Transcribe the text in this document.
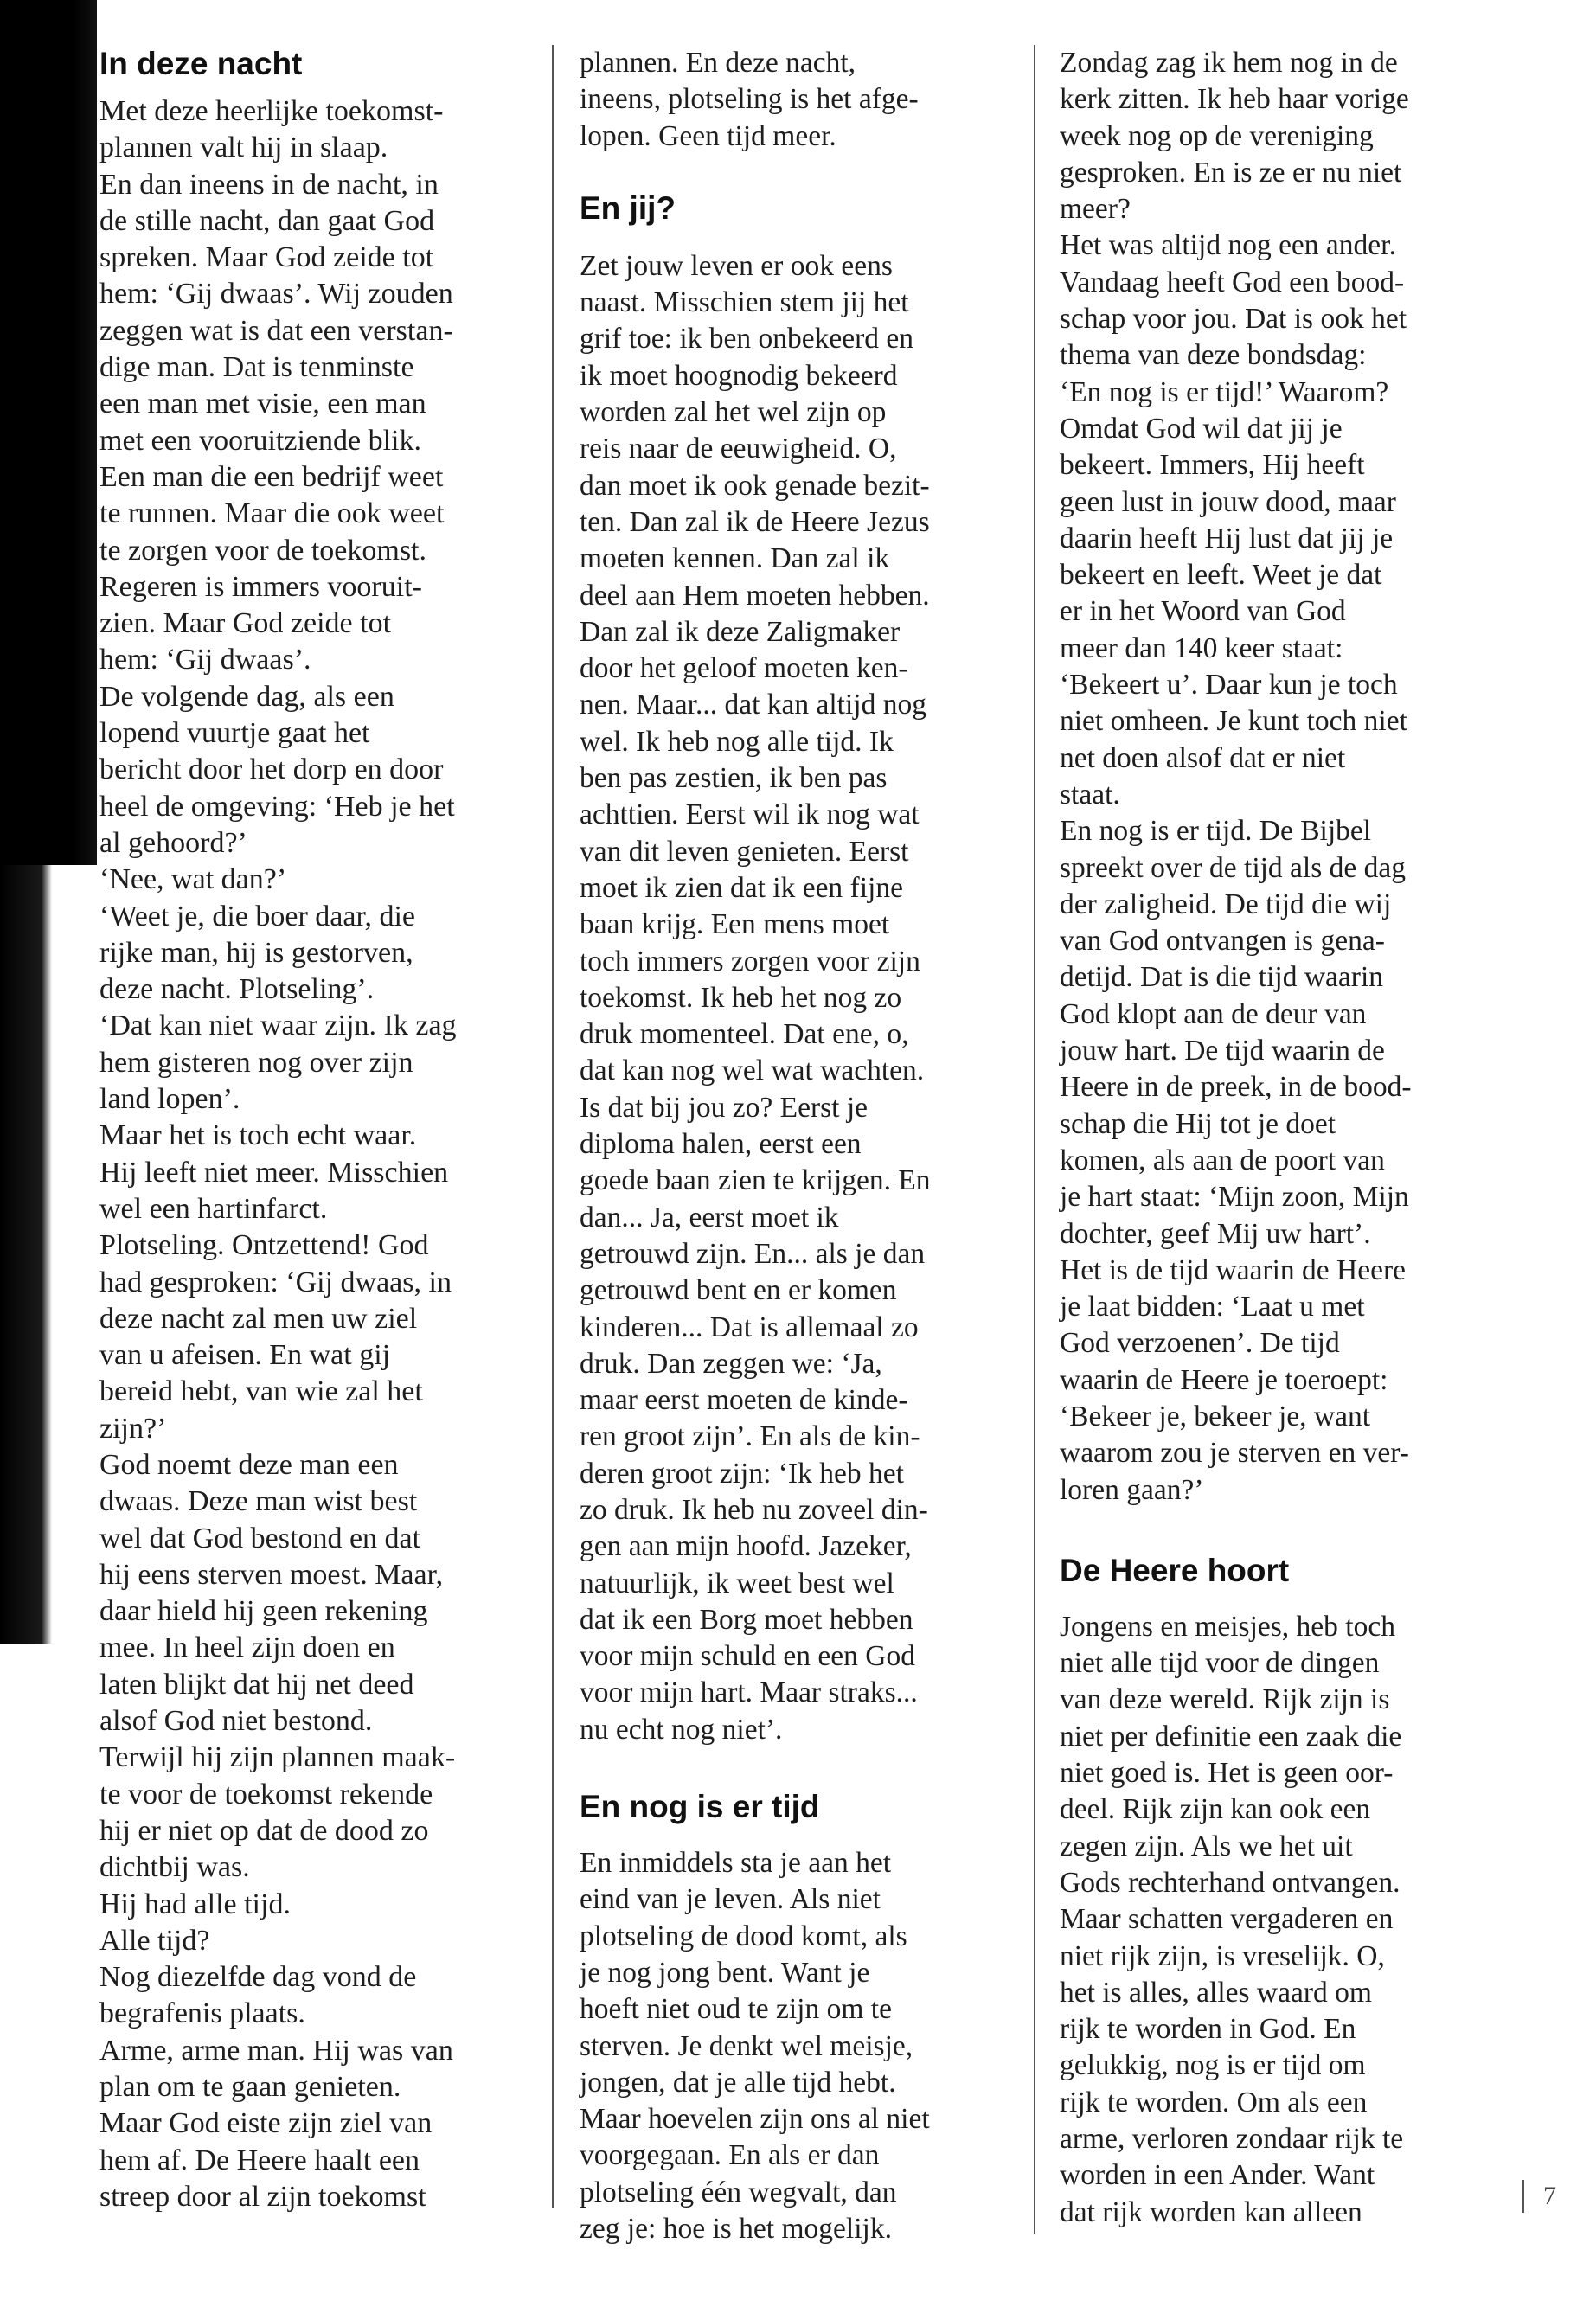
In deze nacht
Met deze heerlijke toekomst-
plannen valt hij in slaap.
En dan ineens in de nacht, in
de stille nacht, dan gaat God
spreken. Maar God zeide tot
hem: ‘Gij dwaas’. Wij zouden
zeggen wat is dat een verstan-
dige man. Dat is tenminste
een man met visie, een man
met een vooruitziende blik.
Een man die een bedrijf weet
te runnen. Maar die ook weet
te zorgen voor de toekomst.
Regeren is immers vooruit-
zien. Maar God zeide tot
hem: ‘Gij dwaas’.
De volgende dag, als een
lopend vuurtje gaat het
bericht door het dorp en door
heel de omgeving: ‘Heb je het
al gehoord?’
‘Nee, wat dan?’
‘Weet je, die boer daar, die
rijke man, hij is gestorven,
deze nacht. Plotseling’.
‘Dat kan niet waar zijn. Ik zag
hem gisteren nog over zijn
land lopen’.
Maar het is toch echt waar.
Hij leeft niet meer. Misschien
wel een hartinfarct.
Plotseling. Ontzettend! God
had gesproken: ‘Gij dwaas, in
deze nacht zal men uw ziel
van u afeisen. En wat gij
bereid hebt, van wie zal het
zijn?’
God noemt deze man een
dwaas. Deze man wist best
wel dat God bestond en dat
hij eens sterven moest. Maar,
daar hield hij geen rekening
mee. In heel zijn doen en
laten blijkt dat hij net deed
alsof God niet bestond.
Terwijl hij zijn plannen maak-
te voor de toekomst rekende
hij er niet op dat de dood zo
dichtbij was.
Hij had alle tijd.
Alle tijd?
Nog diezelfde dag vond de
begrafenis plaats.
Arme, arme man. Hij was van
plan om te gaan genieten.
Maar God eiste zijn ziel van
hem af. De Heere haalt een
streep door al zijn toekomst
plannen. En deze nacht,
ineens, plotseling is het afge-
lopen. Geen tijd meer.
En jij?
Zet jouw leven er ook eens
naast. Misschien stem jij het
grif toe: ik ben onbekeerd en
ik moet hoognodig bekeerd
worden zal het wel zijn op
reis naar de eeuwigheid. O,
dan moet ik ook genade bezit-
ten. Dan zal ik de Heere Jezus
moeten kennen. Dan zal ik
deel aan Hem moeten hebben.
Dan zal ik deze Zaligmaker
door het geloof moeten ken-
nen. Maar... dat kan altijd nog
wel. Ik heb nog alle tijd. Ik
ben pas zestien, ik ben pas
achttien. Eerst wil ik nog wat
van dit leven genieten. Eerst
moet ik zien dat ik een fijne
baan krijg. Een mens moet
toch immers zorgen voor zijn
toekomst. Ik heb het nog zo
druk momenteel. Dat ene, o,
dat kan nog wel wat wachten.
Is dat bij jou zo? Eerst je
diploma halen, eerst een
goede baan zien te krijgen. En
dan... Ja, eerst moet ik
getrouwd zijn. En... als je dan
getrouwd bent en er komen
kinderen... Dat is allemaal zo
druk. Dan zeggen we: ‘Ja,
maar eerst moeten de kinde-
ren groot zijn’. En als de kin-
deren groot zijn: ‘Ik heb het
zo druk. Ik heb nu zoveel din-
gen aan mijn hoofd. Jazeker,
natuurlijk, ik weet best wel
dat ik een Borg moet hebben
voor mijn schuld en een God
voor mijn hart. Maar straks...
nu echt nog niet’.
En nog is er tijd
En inmiddels sta je aan het
eind van je leven. Als niet
plotseling de dood komt, als
je nog jong bent. Want je
hoeft niet oud te zijn om te
sterven. Je denkt wel meisje,
jongen, dat je alle tijd hebt.
Maar hoevelen zijn ons al niet
voorgegaan. En als er dan
plotseling één wegvalt, dan
zeg je: hoe is het mogelijk.
Zondag zag ik hem nog in de
kerk zitten. Ik heb haar vorige
week nog op de vereniging
gesproken. En is ze er nu niet
meer?
Het was altijd nog een ander.
Vandaag heeft God een bood-
schap voor jou. Dat is ook het
thema van deze bondsdag:
‘En nog is er tijd!’ Waarom?
Omdat God wil dat jij je
bekeert. Immers, Hij heeft
geen lust in jouw dood, maar
daarin heeft Hij lust dat jij je
bekeert en leeft. Weet je dat
er in het Woord van God
meer dan 140 keer staat:
‘Bekeert u’. Daar kun je toch
niet omheen. Je kunt toch niet
net doen alsof dat er niet
staat.
En nog is er tijd. De Bijbel
spreekt over de tijd als de dag
der zaligheid. De tijd die wij
van God ontvangen is gena-
detijd. Dat is die tijd waarin
God klopt aan de deur van
jouw hart. De tijd waarin de
Heere in de preek, in de bood-
schap die Hij tot je doet
komen, als aan de poort van
je hart staat: ‘Mijn zoon, Mijn
dochter, geef Mij uw hart’.
Het is de tijd waarin de Heere
je laat bidden: ‘Laat u met
God verzoenen’. De tijd
waarin de Heere je toeroept:
‘Bekeer je, bekeer je, want
waarom zou je sterven en ver-
loren gaan?’
De Heere hoort
Jongens en meisjes, heb toch
niet alle tijd voor de dingen
van deze wereld. Rijk zijn is
niet per definitie een zaak die
niet goed is. Het is geen oor-
deel. Rijk zijn kan ook een
zegen zijn. Als we het uit
Gods rechterhand ontvangen.
Maar schatten vergaderen en
niet rijk zijn, is vreselijk. O,
het is alles, alles waard om
rijk te worden in God. En
gelukkig, nog is er tijd om
rijk te worden. Om als een
arme, verloren zondaar rijk te
worden in een Ander. Want
dat rijk worden kan alleen
7
